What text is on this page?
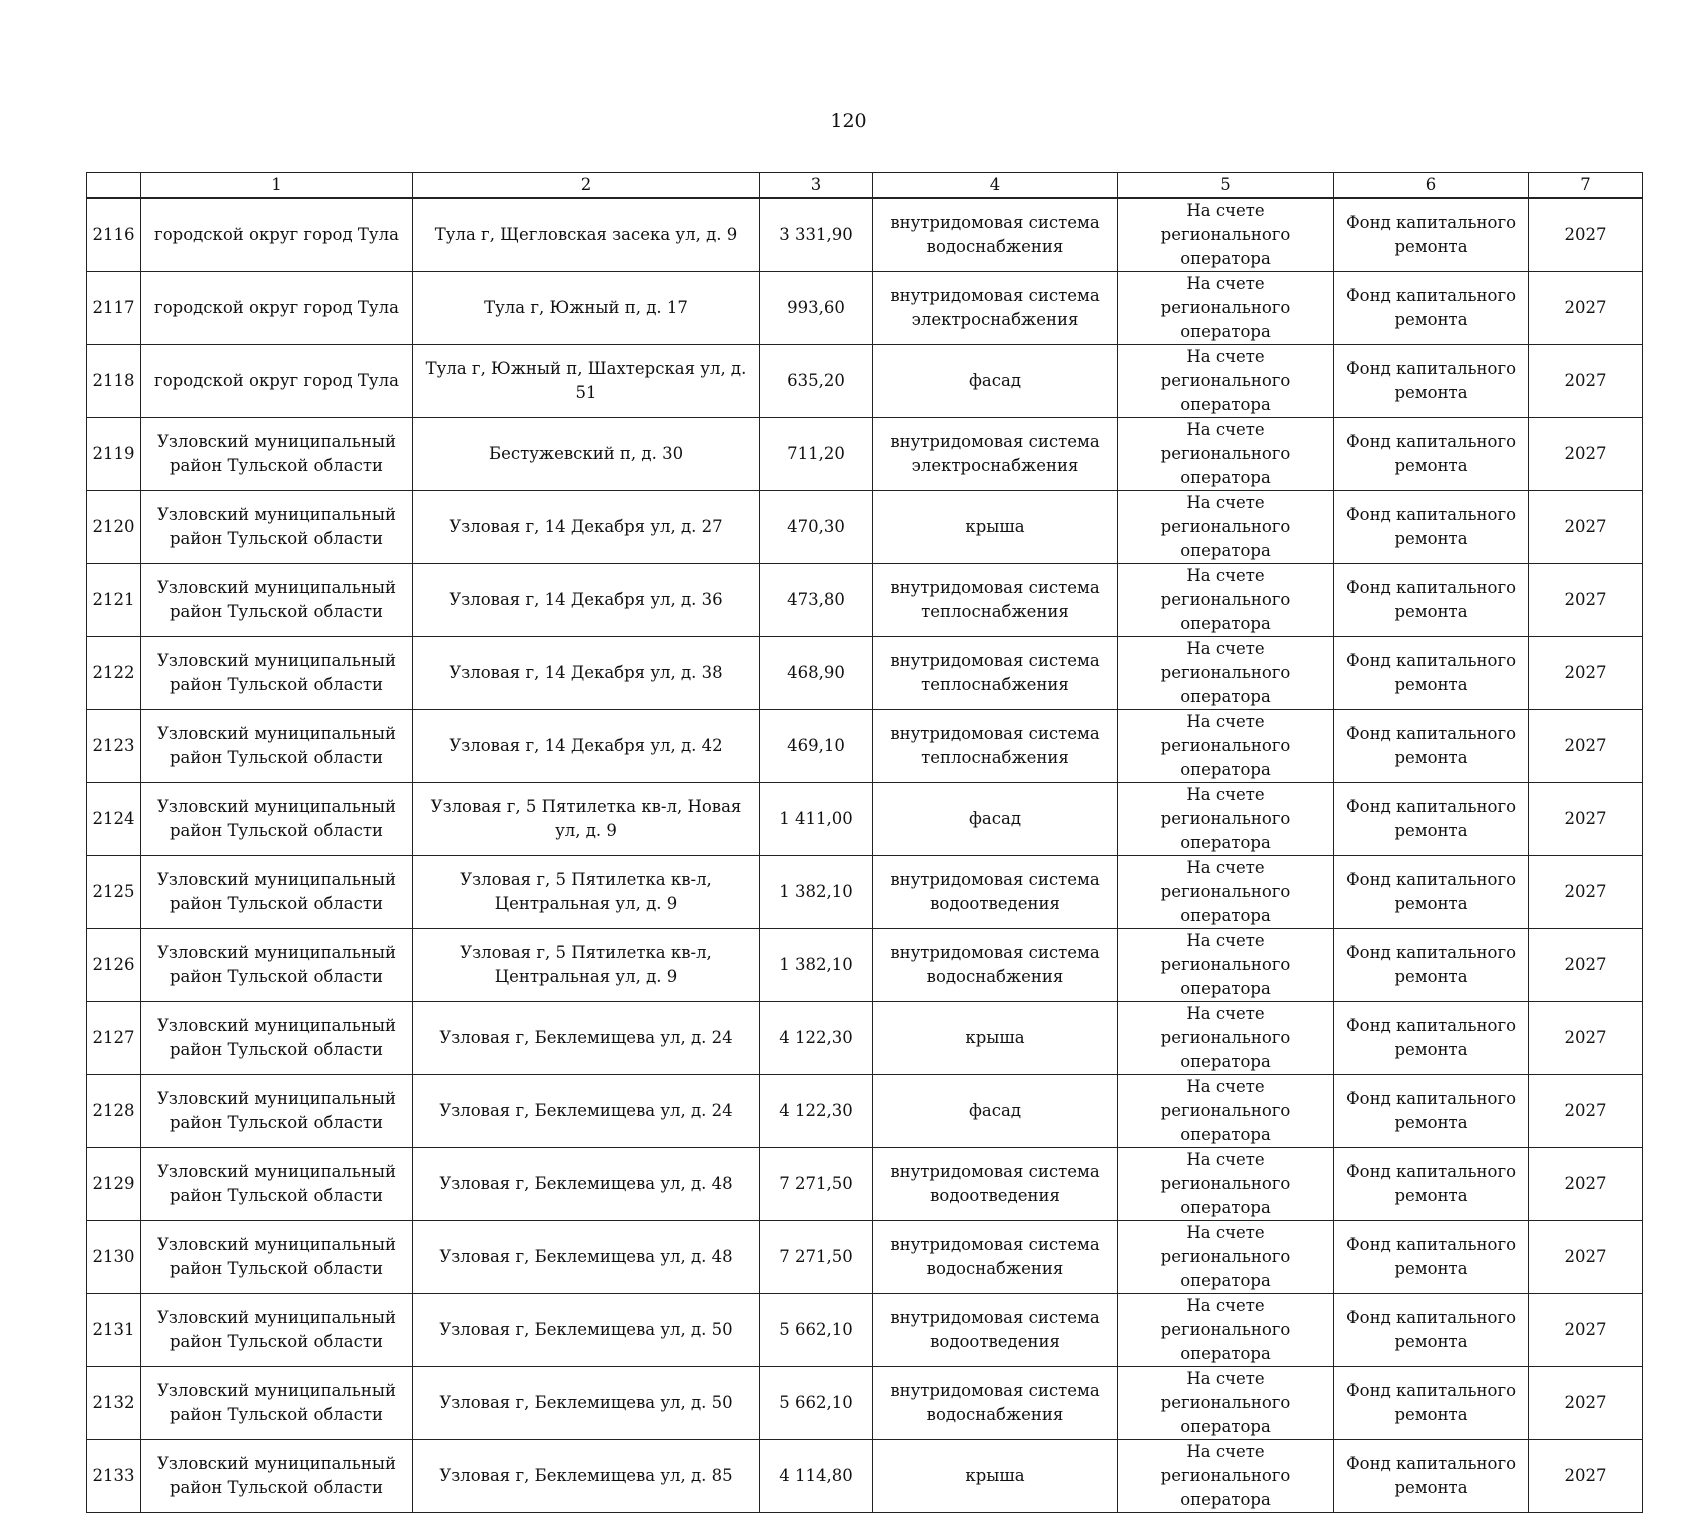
120
	1	2	3	4	5	6	7
2116	городской округ город Тула	Тула г, Щегловская засека ул, д. 9	3 331,90	внутридомовая система водоснабжения	На счете регионального оператора	Фонд капитального ремонта	2027
2117	городской округ город Тула	Тула г, Южный п, д. 17	993,60	внутридомовая система электроснабжения	На счете регионального оператора	Фонд капитального ремонта	2027
2118	городской округ город Тула	Тула г, Южный п, Шахтерская ул, д. 51	635,20	фасад	На счете регионального оператора	Фонд капитального ремонта	2027
2119	Узловский муниципальный район Тульской области	Бестужевский п, д. 30	711,20	внутридомовая система электроснабжения	На счете регионального оператора	Фонд капитального ремонта	2027
2120	Узловский муниципальный район Тульской области	Узловая г, 14 Декабря ул, д. 27	470,30	крыша	На счете регионального оператора	Фонд капитального ремонта	2027
2121	Узловский муниципальный район Тульской области	Узловая г, 14 Декабря ул, д. 36	473,80	внутридомовая система теплоснабжения	На счете регионального оператора	Фонд капитального ремонта	2027
2122	Узловский муниципальный район Тульской области	Узловая г, 14 Декабря ул, д. 38	468,90	внутридомовая система теплоснабжения	На счете регионального оператора	Фонд капитального ремонта	2027
2123	Узловский муниципальный район Тульской области	Узловая г, 14 Декабря ул, д. 42	469,10	внутридомовая система теплоснабжения	На счете регионального оператора	Фонд капитального ремонта	2027
2124	Узловский муниципальный район Тульской области	Узловая г, 5 Пятилетка кв-л, Новая ул, д. 9	1 411,00	фасад	На счете регионального оператора	Фонд капитального ремонта	2027
2125	Узловский муниципальный район Тульской области	Узловая г, 5 Пятилетка кв-л, Центральная ул, д. 9	1 382,10	внутридомовая система водоотведения	На счете регионального оператора	Фонд капитального ремонта	2027
2126	Узловский муниципальный район Тульской области	Узловая г, 5 Пятилетка кв-л, Центральная ул, д. 9	1 382,10	внутридомовая система водоснабжения	На счете регионального оператора	Фонд капитального ремонта	2027
2127	Узловский муниципальный район Тульской области	Узловая г, Беклемищева ул, д. 24	4 122,30	крыша	На счете регионального оператора	Фонд капитального ремонта	2027
2128	Узловский муниципальный район Тульской области	Узловая г, Беклемищева ул, д. 24	4 122,30	фасад	На счете регионального оператора	Фонд капитального ремонта	2027
2129	Узловский муниципальный район Тульской области	Узловая г, Беклемищева ул, д. 48	7 271,50	внутридомовая система водоотведения	На счете регионального оператора	Фонд капитального ремонта	2027
2130	Узловский муниципальный район Тульской области	Узловая г, Беклемищева ул, д. 48	7 271,50	внутридомовая система водоснабжения	На счете регионального оператора	Фонд капитального ремонта	2027
2131	Узловский муниципальный район Тульской области	Узловая г, Беклемищева ул, д. 50	5 662,10	внутридомовая система водоотведения	На счете регионального оператора	Фонд капитального ремонта	2027
2132	Узловский муниципальный район Тульской области	Узловая г, Беклемищева ул, д. 50	5 662,10	внутридомовая система водоснабжения	На счете регионального оператора	Фонд капитального ремонта	2027
2133	Узловский муниципальный район Тульской области	Узловая г, Беклемищева ул, д. 85	4 114,80	крыша	На счете регионального оператора	Фонд капитального ремонта	2027
